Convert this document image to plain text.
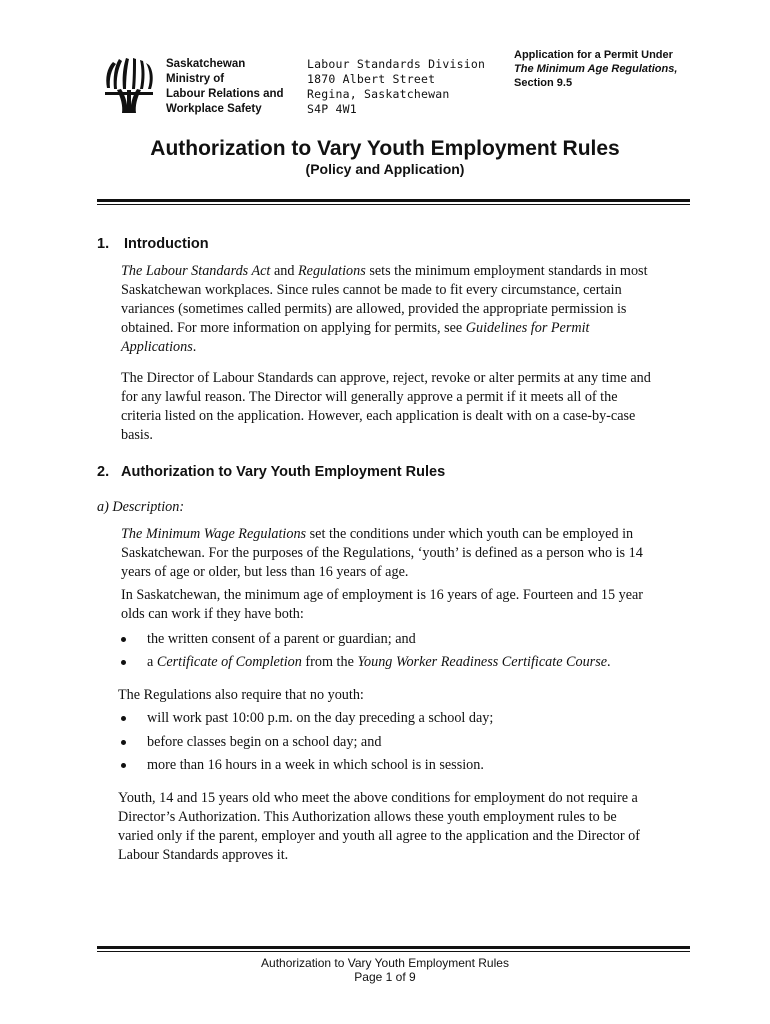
Saskatchewan
Ministry of
Labour Relations and
Workplace Safety
Labour Standards Division
1870 Albert Street
Regina, Saskatchewan
S4P 4W1
Application for a Permit Under
The Minimum Age Regulations,
Section 9.5
Authorization to Vary Youth Employment Rules
(Policy and Application)
1. Introduction
The Labour Standards Act and Regulations sets the minimum employment standards in most
Saskatchewan workplaces. Since rules cannot be made to fit every circumstance, certain
variances (sometimes called permits) are allowed, provided the appropriate permission is
obtained. For more information on applying for permits, see Guidelines for Permit
Applications.
The Director of Labour Standards can approve, reject, revoke or alter permits at any time and
for any lawful reason. The Director will generally approve a permit if it meets all of the
criteria listed on the application. However, each application is dealt with on a case-by-case
basis.
2. Authorization to Vary Youth Employment Rules
a) Description:
The Minimum Wage Regulations set the conditions under which youth can be employed in
Saskatchewan. For the purposes of the Regulations, ‘youth’ is defined as a person who is 14
years of age or older, but less than 16 years of age.
In Saskatchewan, the minimum age of employment is 16 years of age. Fourteen and 15 year
olds can work if they have both:
the written consent of a parent or guardian; and
a Certificate of Completion from the Young Worker Readiness Certificate Course.
The Regulations also require that no youth:
will work past 10:00 p.m. on the day preceding a school day;
before classes begin on a school day; and
more than 16 hours in a week in which school is in session.
Youth, 14 and 15 years old who meet the above conditions for employment do not require a
Director’s Authorization. This Authorization allows these youth employment rules to be
varied only if the parent, employer and youth all agree to the application and the Director of
Labour Standards approves it.
Authorization to Vary Youth Employment Rules
Page 1 of 9
